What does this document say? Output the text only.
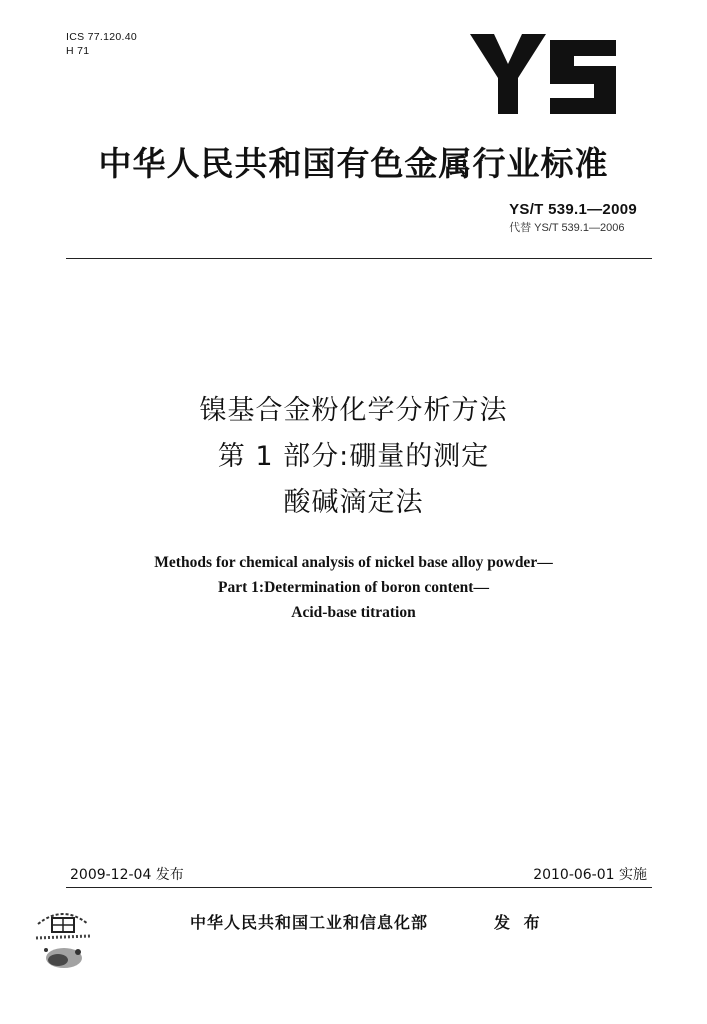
ICS 77.120.40
H 71
中华人民共和国有色金属行业标准
YS/T 539.1—2009
代替 YS/T 539.1—2006
镍基合金粉化学分析方法
第 1 部分:硼量的测定
酸碱滴定法
Methods for chemical analysis of nickel base alloy powder—
Part 1:Determination of boron content—
Acid-base titration
2009-12-04 发布	2010-06-01 实施
中华人民共和国工业和信息化部	发 布
